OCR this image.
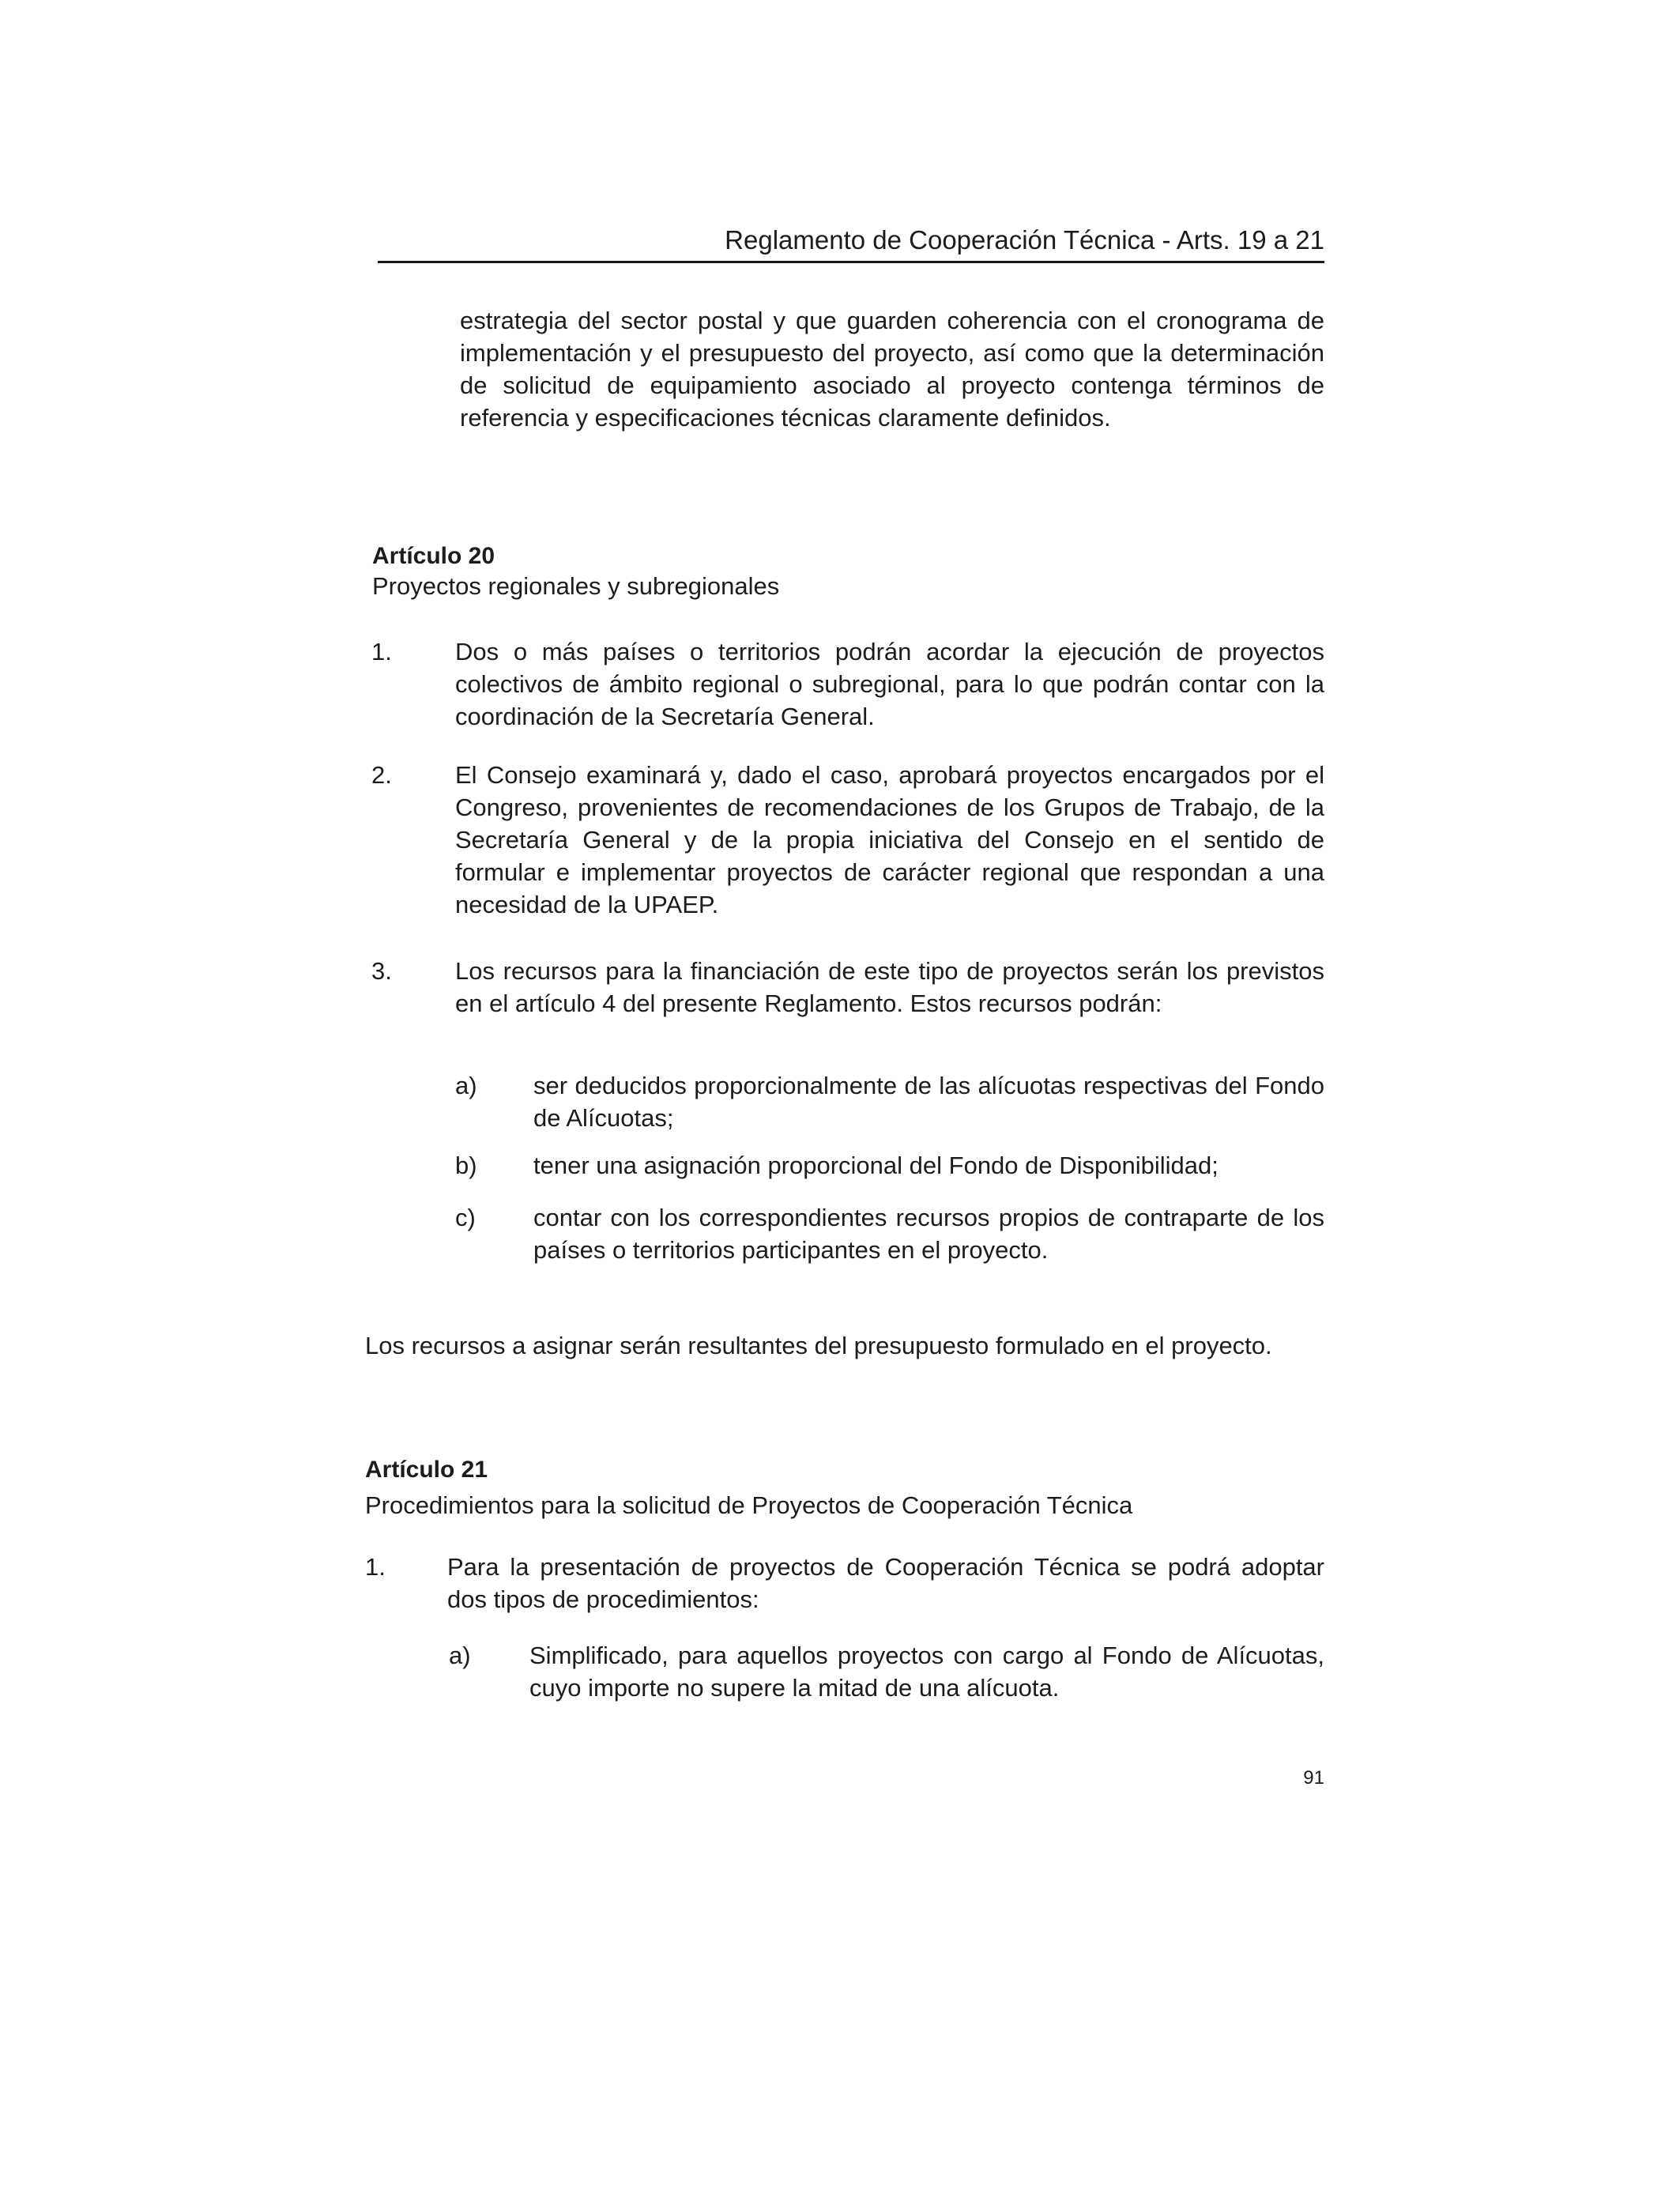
Reglamento de Cooperación Técnica - Arts. 19 a 21

estrategia del sector postal y que guarden coherencia con el cronograma de implementación y el presupuesto del proyecto, así como que la determinación de solicitud de equipamiento asociado al proyecto contenga términos de referencia y especificaciones técnicas claramente definidos.

Artículo 20
Proyectos regionales y subregionales
1.	Dos o más países o territorios podrán acordar la ejecución de proyectos colectivos de ámbito regional o subregional, para lo que podrán contar con la coordinación de la Secretaría General.

2.	El Consejo examinará y, dado el caso, aprobará proyectos encargados por el Congreso, provenientes de recomendaciones de los Grupos de Trabajo, de la Secretaría General y de la propia iniciativa del Consejo en el sentido de formular e implementar proyectos de carácter regional que respondan a una necesidad de la UPAEP.

3.	Los recursos para la financiación de este tipo de proyectos serán los previstos en el artículo 4 del presente Reglamento. Estos recursos podrán:

a) ser deducidos proporcionalmente de las alícuotas respectivas del Fondo de Alícuotas;

b) tener una asignación proporcional del Fondo de Disponibilidad;

c) contar con los correspondientes recursos propios de contraparte de los países o territorios participantes en el proyecto.

Los recursos a asignar serán resultantes del presupuesto formulado en el proyecto.

Artículo 21
Procedimientos para la solicitud de Proyectos de Cooperación Técnica
1.	Para la presentación de proyectos de Cooperación Técnica se podrá adoptar dos tipos de procedimientos:

a) Simplificado, para aquellos proyectos con cargo al Fondo de Alícuotas, cuyo importe no supere la mitad de una alícuota.

91
